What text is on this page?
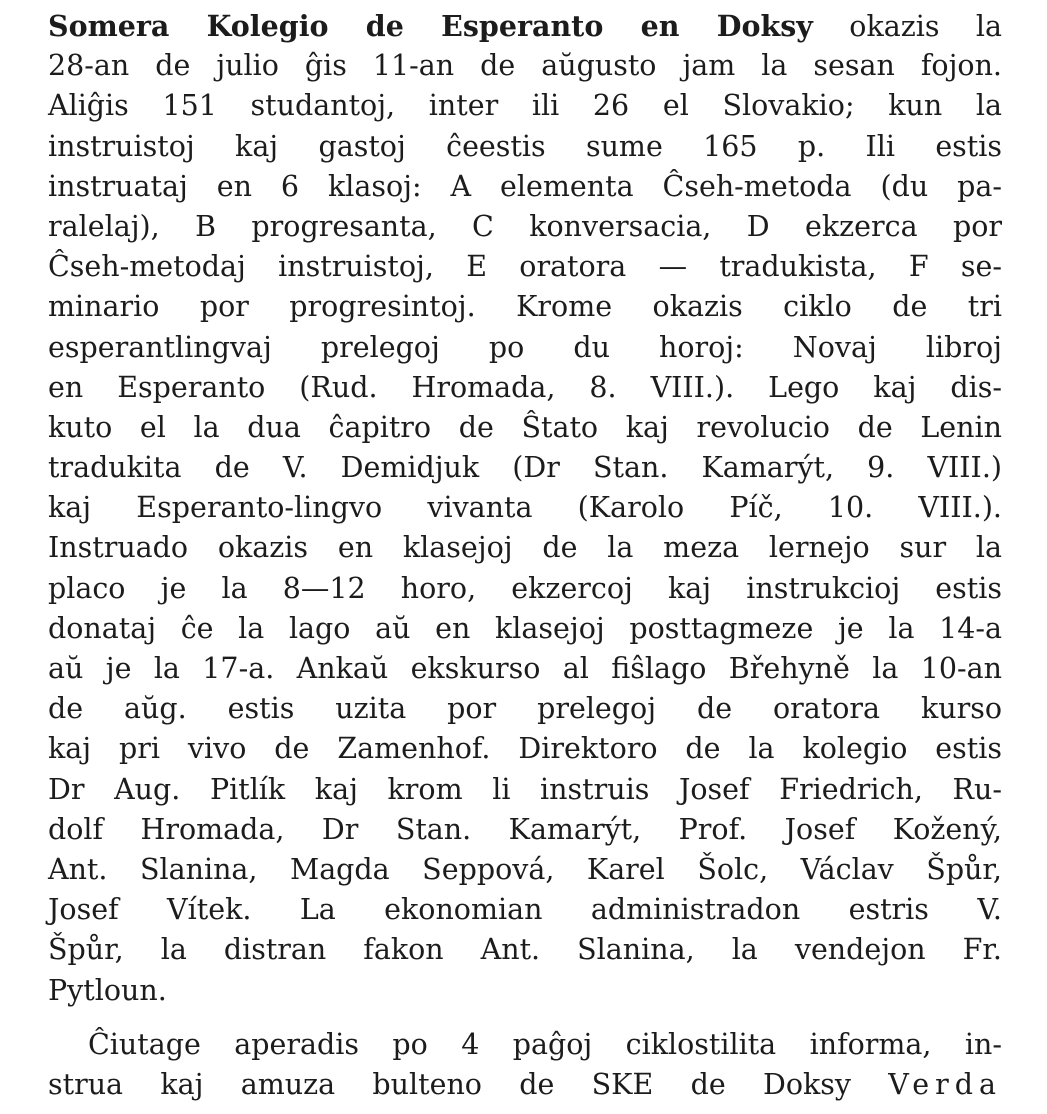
Somera Kolegio de Esperanto en Doksy okazis la
28-an de julio ĝis 11-an de aŭgusto jam la sesan fojon.
Aliĝis 151 studantoj, inter ili 26 el Slovakio; kun la
instruistoj kaj gastoj ĉeestis sume 165 p. Ili estis
instruataj en 6 klasoj: A elementa Ĉseh-metoda (du pa-
ralelaj), B progresanta, C konversacia, D ekzerca por
Ĉseh-metodaj instruistoj, E oratora — tradukista, F se-
minario por progresintoj. Krome okazis ciklo de tri
esperantlingvaj prelegoj po du horoj: Novaj libroj
en Esperanto (Rud. Hromada, 8. VIII.). Lego kaj dis-
kuto el la dua ĉapitro de Ŝtato kaj revolucio de Lenin
tradukita de V. Demidjuk (Dr Stan. Kamarýt, 9. VIII.)
kaj Esperanto-lingvo vivanta (Karolo Píč, 10. VIII.).
Instruado okazis en klasejoj de la meza lernejo sur la
placo je la 8—12 horo, ekzercoj kaj instrukcioj estis
donataj ĉe la lago aŭ en klasejoj posttagmeze je la 14-a
aŭ je la 17-a. Ankaŭ ekskurso al fiŝlago Břehyně la 10-an
de aŭg. estis uzita por prelegoj de oratora kurso
kaj pri vivo de Zamenhof. Direktoro de la kolegio estis
Dr Aug. Pitlík kaj krom li instruis Josef Friedrich, Ru-
dolf Hromada, Dr Stan. Kamarýt, Prof. Josef Kožený,
Ant. Slanina, Magda Seppová, Karel Šolc, Václav Špůr,
Josef Vítek. La ekonomian administradon estris V.
Špůr, la distran fakon Ant. Slanina, la vendejon Fr.
Pytloun.
Ĉiutage aperadis po 4 paĝoj ciklostilita informa, in-
strua kaj amuza bulteno de SKE de Doksy Verda
